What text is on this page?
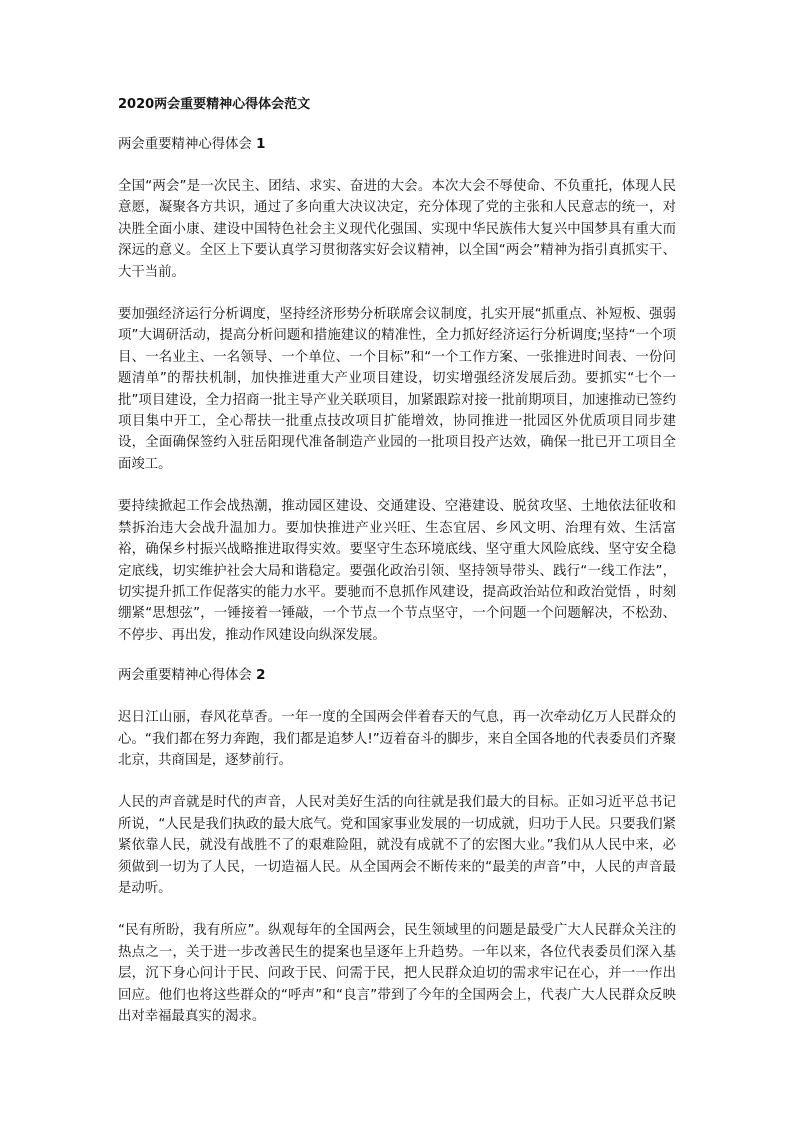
2020两会重要精神心得体会范文
两会重要精神心得体会 1

全国“两会”是一次民主、团结、求实、奋进的大会。本次大会不辱使命、不负重托，体现人民意愿，凝聚各方共识，通过了多向重大决议决定，充分体现了党的主张和人民意志的统一，对决胜全面小康、建设中国特色社会主义现代化强国、实现中华民族伟大复兴中国梦具有重大而深远的意义。全区上下要认真学习贯彻落实好会议精神，以全国“两会”精神为指引真抓实干、大干当前。

要加强经济运行分析调度，坚持经济形势分析联席会议制度，扎实开展“抓重点、补短板、强弱项”大调研活动，提高分析问题和措施建议的精准性，全力抓好经济运行分析调度;坚持“一个项目、一名业主、一名领导、一个单位、一个目标”和“一个工作方案、一张推进时间表、一份问题清单”的帮扶机制，加快推进重大产业项目建设，切实增强经济发展后劲。要抓实“七个一批”项目建设，全力招商一批主导产业关联项目，加紧跟踪对接一批前期项目，加速推动已签约项目集中开工，全心帮扶一批重点技改项目扩能增效，协同推进一批园区外优质项目同步建设，全面确保签约入驻岳阳现代准备制造产业园的一批项目投产达效，确保一批已开工项目全面竣工。

要持续掀起工作会战热潮，推动园区建设、交通建设、空港建设、脱贫攻坚、土地依法征收和禁拆治违大会战升温加力。要加快推进产业兴旺、生态宜居、乡风文明、治理有效、生活富裕，确保乡村振兴战略推进取得实效。要坚守生态环境底线、坚守重大风险底线、坚守安全稳定底线，切实维护社会大局和谐稳定。要强化政治引领、坚持领导带头、践行“一线工作法”，切实提升抓工作促落实的能力水平。要驰而不息抓作风建设，提高政治站位和政治觉悟 ，时刻绷紧“思想弦”，一锤接着一锤敲，一个节点一个节点坚守，一个问题一个问题解决，不松劲、不停步、再出发，推动作风建设向纵深发展。

两会重要精神心得体会 2

迟日江山丽，春风花草香。一年一度的全国两会伴着春天的气息，再一次牵动亿万人民群众的心。“我们都在努力奔跑，我们都是追梦人!”迈着奋斗的脚步，来自全国各地的代表委员们齐聚北京，共商国是，逐梦前行。

人民的声音就是时代的声音，人民对美好生活的向往就是我们最大的目标。正如习近平总书记所说，“人民是我们执政的最大底气。党和国家事业发展的一切成就，归功于人民。只要我们紧紧依靠人民，就没有战胜不了的艰难险阻，就没有成就不了的宏图大业。”我们从人民中来，必须做到一切为了人民，一切造福人民。从全国两会不断传来的“最美的声音”中，人民的声音最是动听。

“民有所盼，我有所应”。纵观每年的全国两会，民生领域里的问题是最受广大人民群众关注的热点之一，关于进一步改善民生的提案也呈逐年上升趋势。一年以来，各位代表委员们深入基层，沉下身心问计于民、问政于民、问需于民，把人民群众迫切的需求牢记在心，并一一作出回应。他们也将这些群众的“呼声”和“良言”带到了今年的全国两会上，代表广大人民群众反映出对幸福最真实的渴求。
